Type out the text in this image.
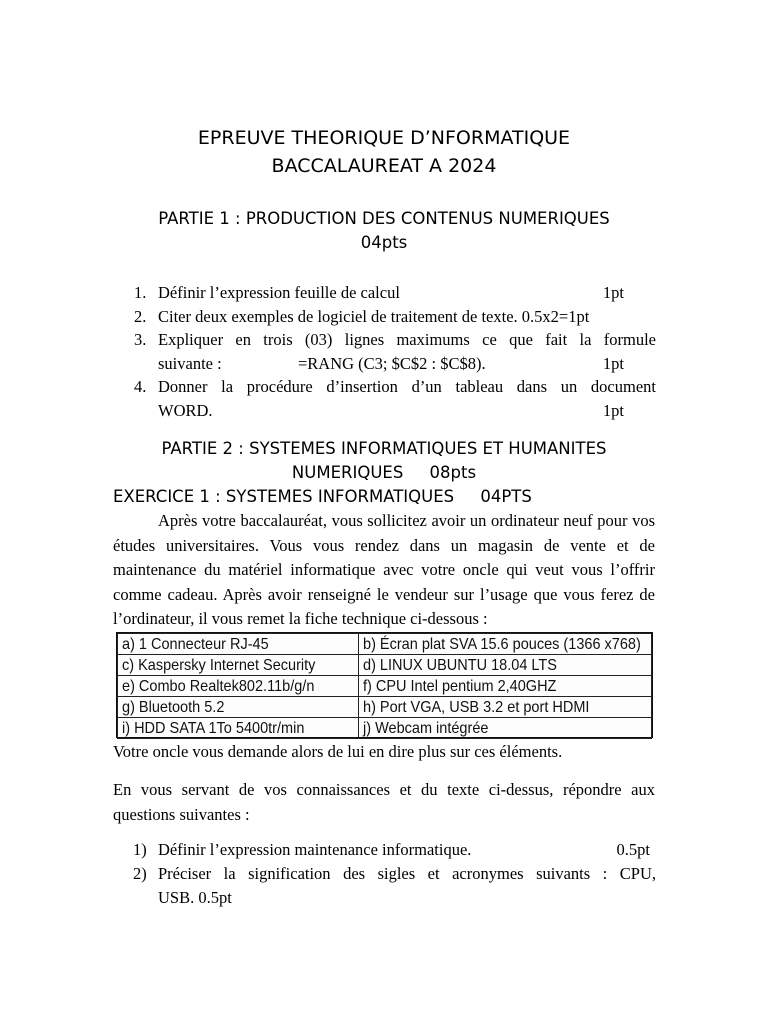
EPREUVE THEORIQUE D’NFORMATIQUE
BACCALAUREAT A 2024
PARTIE 1 : PRODUCTION DES CONTENUS NUMERIQUES
04pts
1. Définir l’expression feuille de calcul	1pt
2. Citer deux exemples de logiciel de traitement de texte. 0.5x2=1pt
3. Expliquer en trois (03) lignes maximums ce que fait la formule
suivante :	=RANG (C3; $C$2 : $C$8).	1pt
4. Donner la procédure d’insertion d’un tableau dans un document
WORD.	1pt
PARTIE 2 : SYSTEMES INFORMATIQUES ET HUMANITES
NUMERIQUES     08pts
EXERCICE 1 : SYSTEMES INFORMATIQUES     04PTS
Après votre baccalauréat, vous sollicitez avoir un ordinateur neuf pour vos études universitaires. Vous vous rendez dans un magasin de vente et de maintenance du matériel informatique avec votre oncle qui veut vous l’offrir comme cadeau. Après avoir renseigné le vendeur sur l’usage que vous ferez de l’ordinateur, il vous remet la fiche technique ci-dessous :
a) 1 Connecteur RJ-45	b) Écran plat SVA 15.6 pouces (1366 x768)
c) Kaspersky Internet Security	d) LINUX UBUNTU 18.04 LTS
e) Combo Realtek802.11b/g/n	f) CPU Intel pentium 2,40GHZ
g) Bluetooth 5.2	h) Port VGA, USB 3.2 et port HDMI
i) HDD SATA 1To 5400tr/min	j) Webcam intégrée
Votre oncle vous demande alors de lui en dire plus sur ces éléments.
En vous servant de vos connaissances et du texte ci-dessus, répondre aux questions suivantes :
1) Définir l’expression maintenance informatique.	0.5pt
2) Préciser la signification des sigles et acronymes suivants : CPU,
USB. 0.5pt
